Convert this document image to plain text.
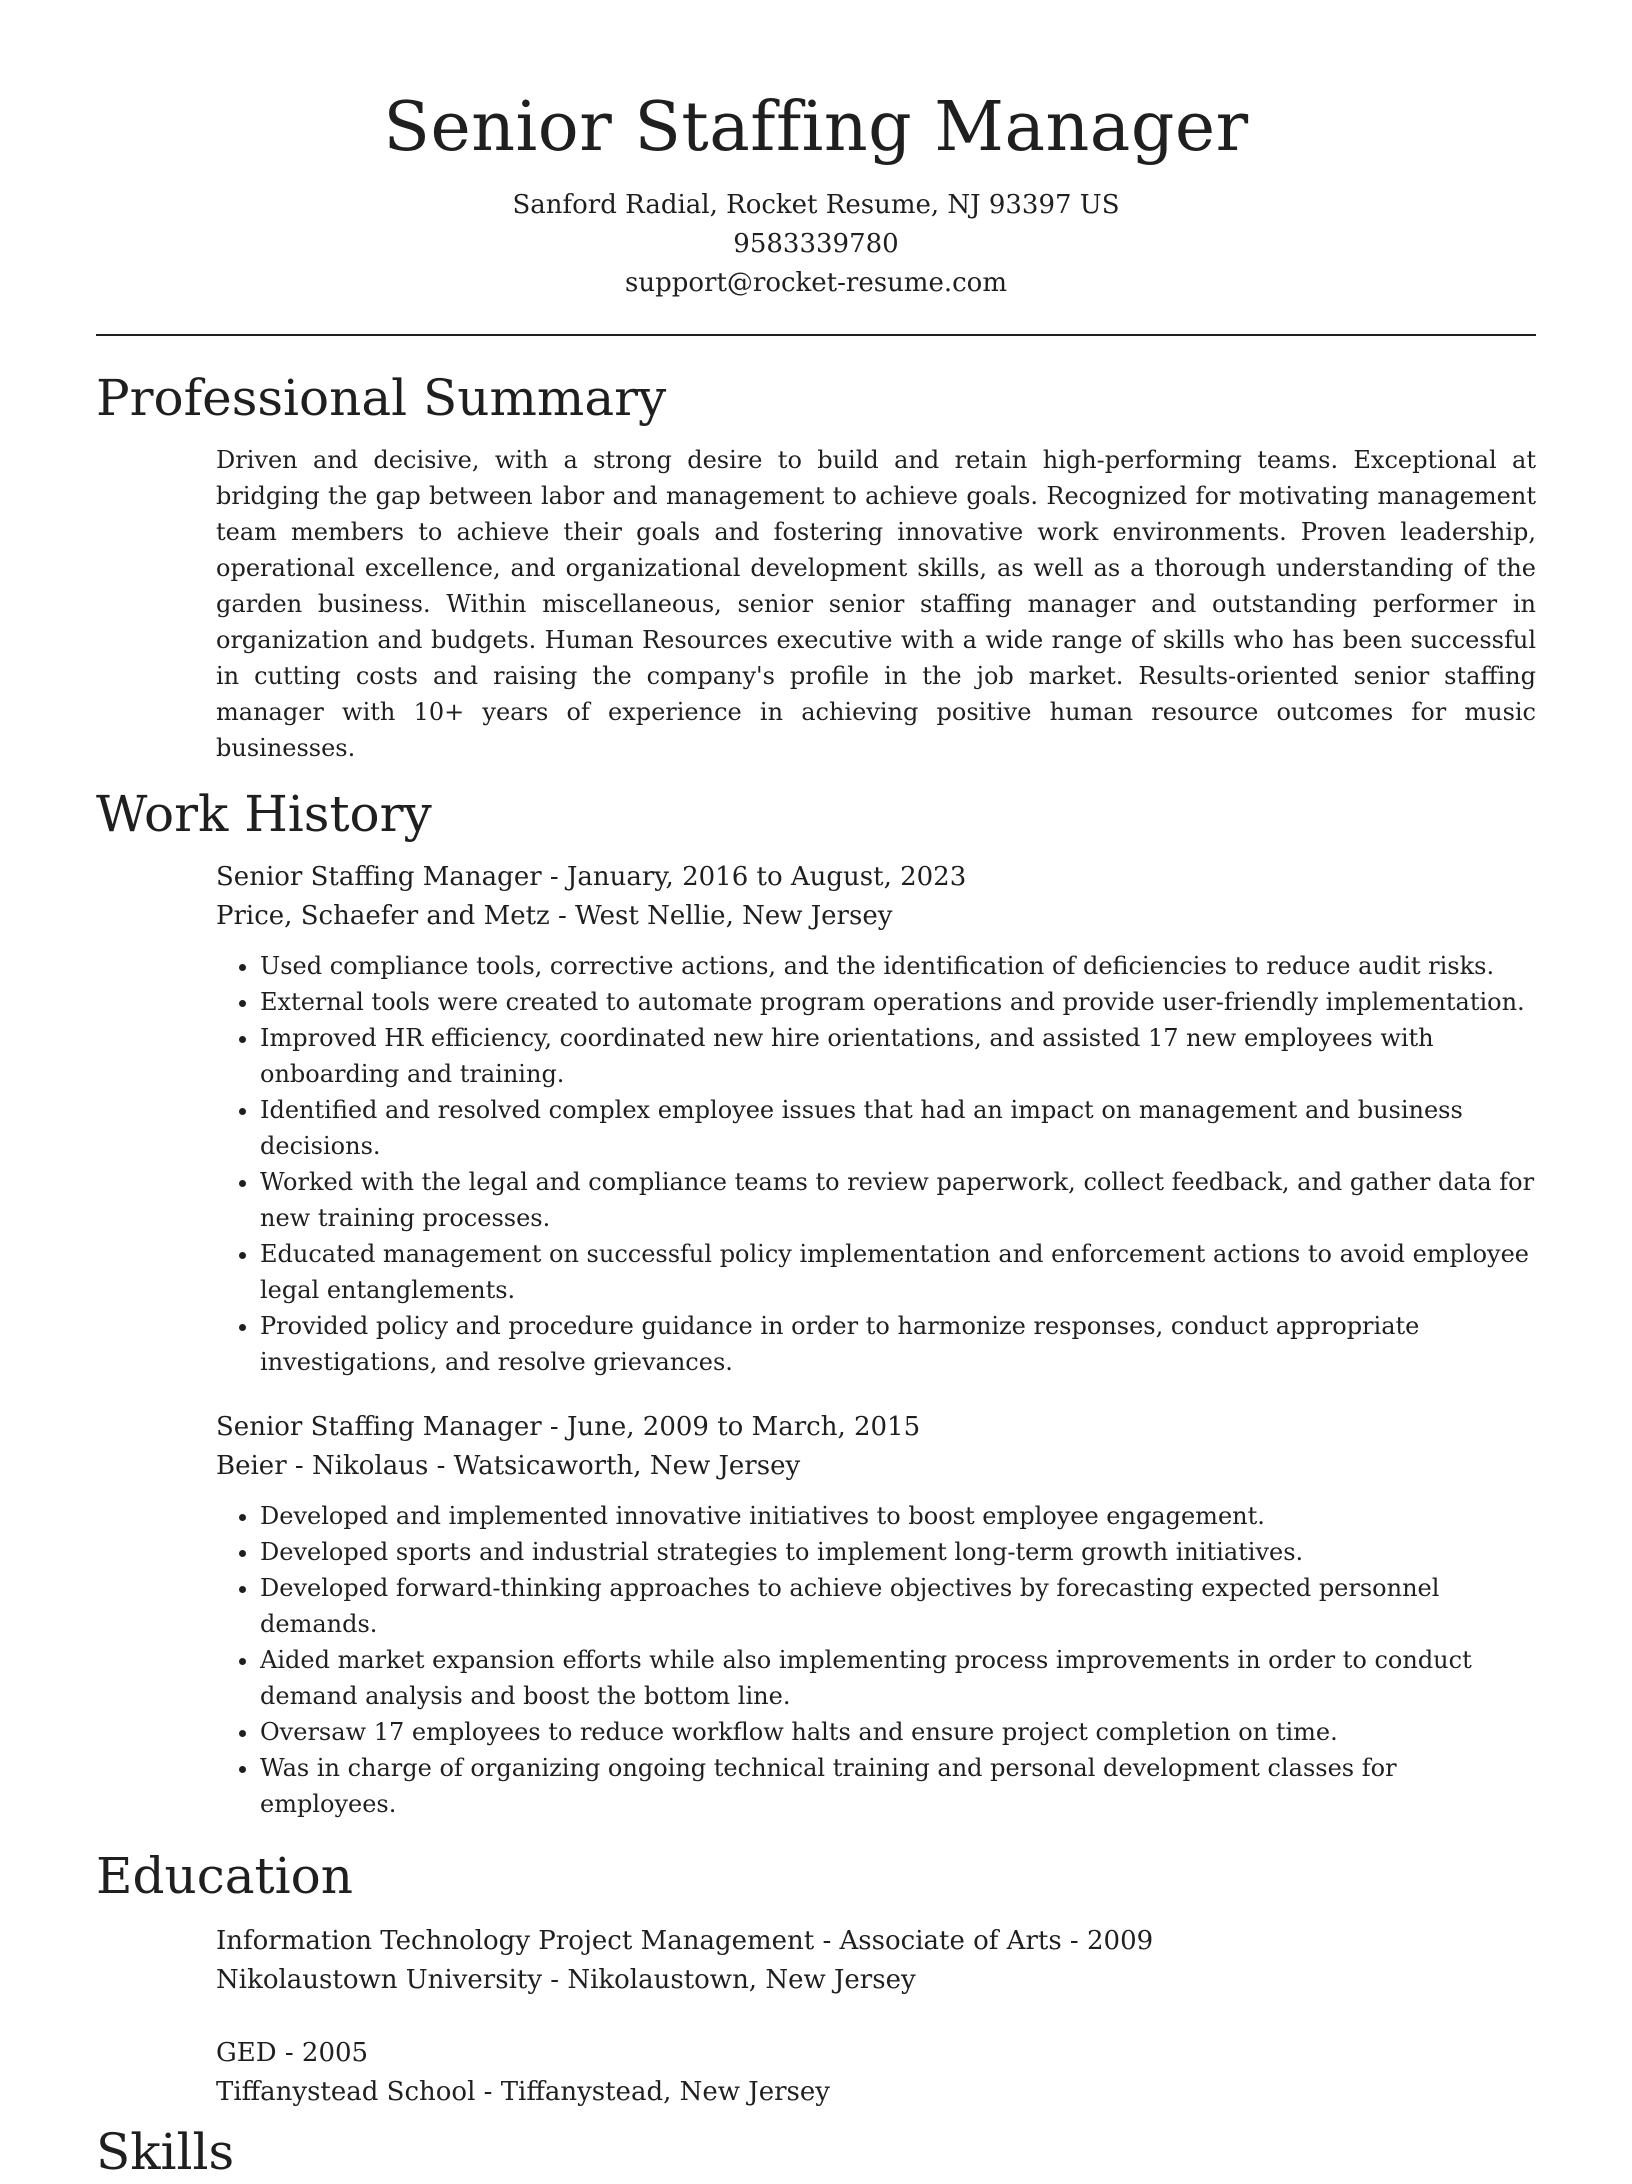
Senior Staffing Manager
Sanford Radial, Rocket Resume, NJ 93397 US
9583339780
support@rocket-resume.com
Professional Summary
Driven and decisive, with a strong desire to build and retain high-performing teams. Exceptional at bridging the gap between labor and management to achieve goals. Recognized for motivating management team members to achieve their goals and fostering innovative work environments. Proven leadership, operational excellence, and organizational development skills, as well as a thorough understanding of the garden business. Within miscellaneous, senior senior staffing manager and outstanding performer in organization and budgets. Human Resources executive with a wide range of skills who has been successful in cutting costs and raising the company's profile in the job market. Results-oriented senior staffing manager with 10+ years of experience in achieving positive human resource outcomes for music businesses.
Work History
Senior Staffing Manager - January, 2016 to August, 2023
Price, Schaefer and Metz - West Nellie, New Jersey
• Used compliance tools, corrective actions, and the identification of deficiencies to reduce audit risks.
• External tools were created to automate program operations and provide user-friendly implementation.
• Improved HR efficiency, coordinated new hire orientations, and assisted 17 new employees with onboarding and training.
• Identified and resolved complex employee issues that had an impact on management and business decisions.
• Worked with the legal and compliance teams to review paperwork, collect feedback, and gather data for new training processes.
• Educated management on successful policy implementation and enforcement actions to avoid employee legal entanglements.
• Provided policy and procedure guidance in order to harmonize responses, conduct appropriate investigations, and resolve grievances.
Senior Staffing Manager - June, 2009 to March, 2015
Beier - Nikolaus - Watsicaworth, New Jersey
• Developed and implemented innovative initiatives to boost employee engagement.
• Developed sports and industrial strategies to implement long-term growth initiatives.
• Developed forward-thinking approaches to achieve objectives by forecasting expected personnel demands.
• Aided market expansion efforts while also implementing process improvements in order to conduct demand analysis and boost the bottom line.
• Oversaw 17 employees to reduce workflow halts and ensure project completion on time.
• Was in charge of organizing ongoing technical training and personal development classes for employees.
Education
Information Technology Project Management - Associate of Arts - 2009
Nikolaustown University - Nikolaustown, New Jersey
GED - 2005
Tiffanystead School - Tiffanystead, New Jersey
Skills
